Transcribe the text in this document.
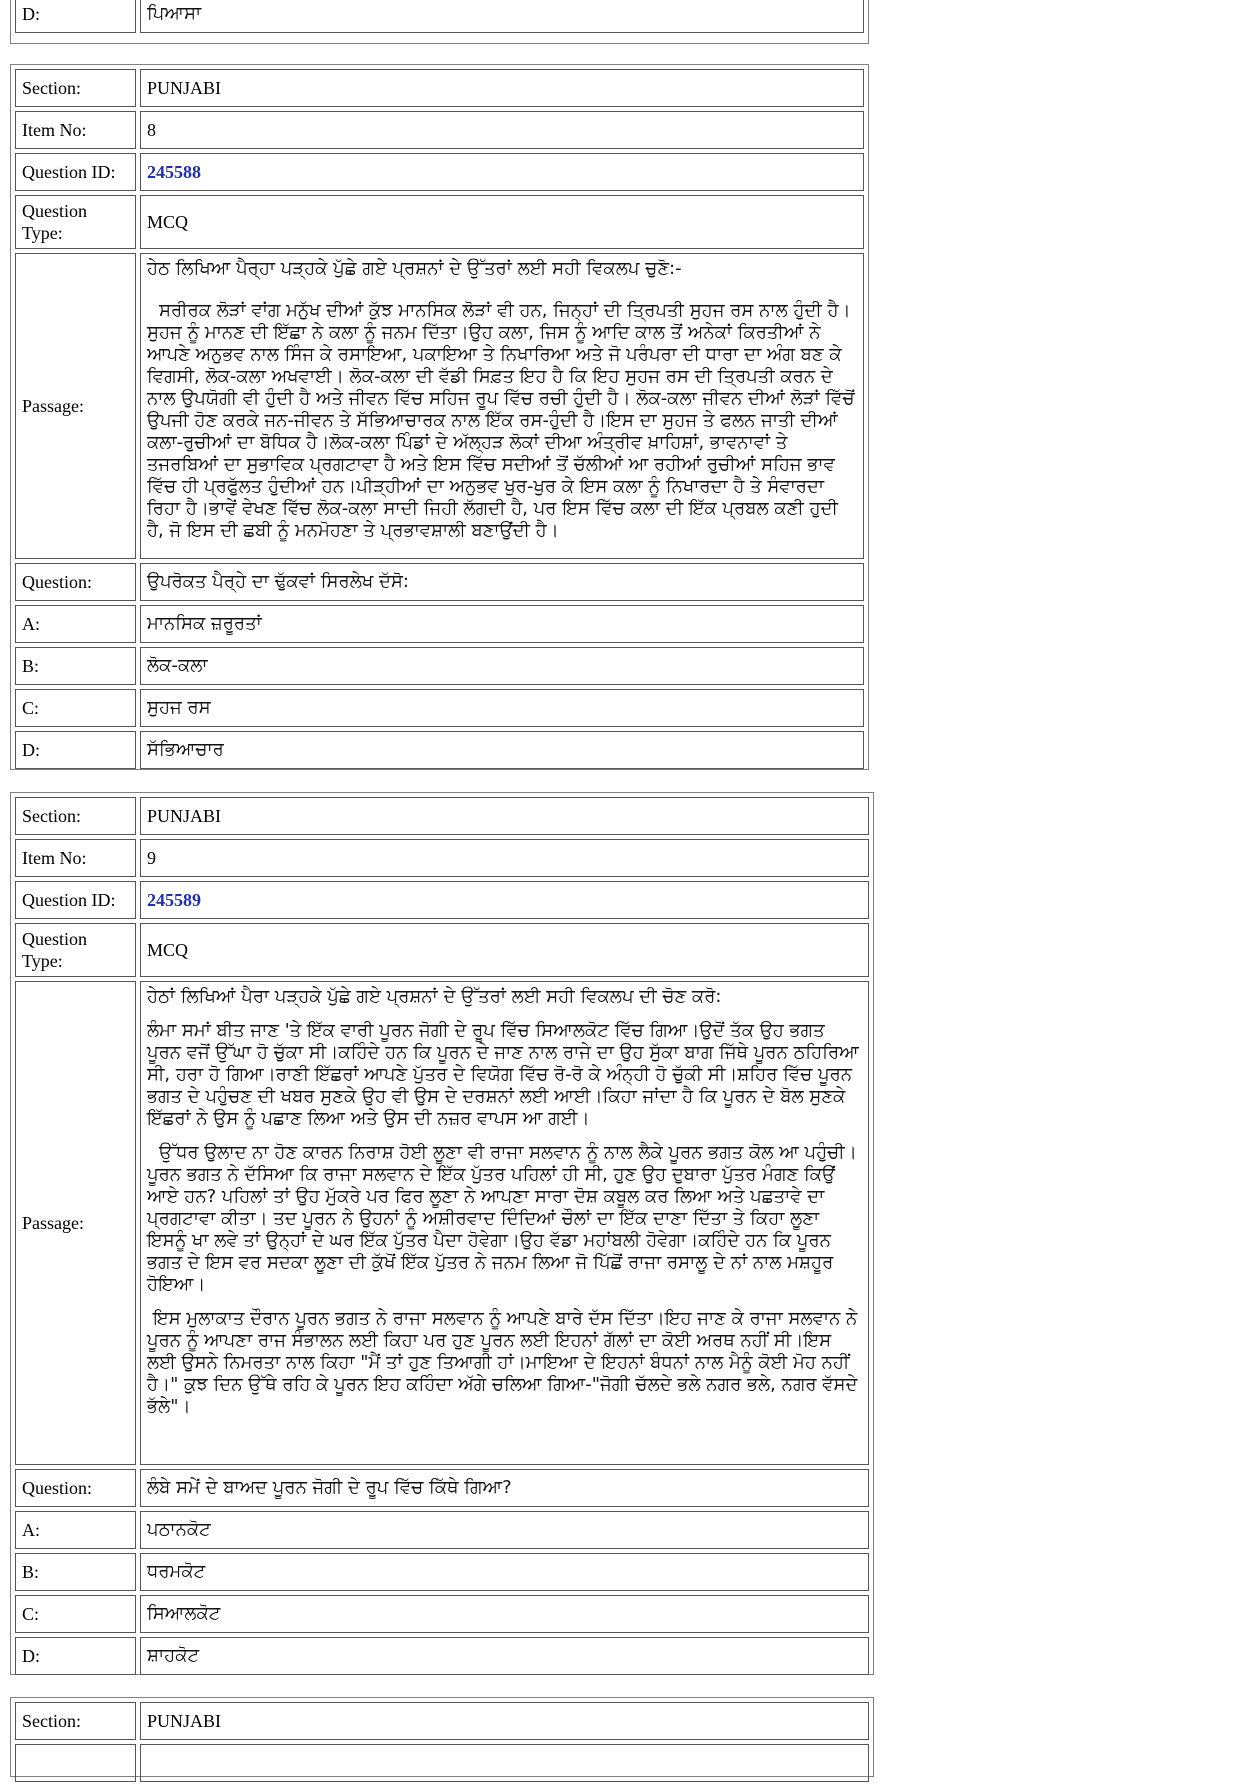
D:	ਪਿਆਸਾ
Section:	PUNJABI
Item No:	8
Question ID:	245588
Question Type:	MCQ
Passage:	ਹੇਠ ਲਿਖਿਆ ਪੈਰ੍ਹਾ ਪੜ੍ਹਕੇ ਪੁੱਛੇ ਗਏ ਪ੍ਰਸ਼ਨਾਂ ਦੇ ਉੱਤਰਾਂ ਲਈ ਸਹੀ ਵਿਕਲਪ ਚੁਣੋ:-

ਸਰੀਰਕ ਲੋੜਾਂ ਵਾਂਗ ਮਨੁੱਖ ਦੀਆਂ ਕੁੱਝ ਮਾਨਸਿਕ ਲੋੜਾਂ ਵੀ ਹਨ, ਜਿਨ੍ਹਾਂ ਦੀ ਤ੍ਰਿਪਤੀ ਸੁਹਜ ਰਸ ਨਾਲ ਹੁੰਦੀ ਹੈ।ਸੁਹਜ ਨੂੰ ਮਾਨਣ ਦੀ ਇੱਛਾ ਨੇ ਕਲਾ ਨੂੰ ਜਨਮ ਦਿੱਤਾ।ਉਹ ਕਲਾ, ਜਿਸ ਨੂੰ ਆਦਿ ਕਾਲ ਤੋਂ ਅਨੇਕਾਂ ਕਿਰਤੀਆਂ ਨੇ ਆਪਣੇ ਅਨੁਭਵ ਨਾਲ ਸਿੰਜ ਕੇ ਰਸਾਇਆ, ਪਕਾਇਆ ਤੇ ਨਿਖਾਰਿਆ ਅਤੇ ਜੋ ਪਰੰਪਰਾ ਦੀ ਧਾਰਾ ਦਾ ਅੰਗ ਬਣ ਕੇ ਵਿਗਸੀ, ਲੋਕ-ਕਲਾ ਅਖਵਾਈ। ਲੋਕ-ਕਲਾ ਦੀ ਵੱਡੀ ਸਿਫ਼ਤ ਇਹ ਹੈ ਕਿ ਇਹ ਸੁਹਜ ਰਸ ਦੀ ਤ੍ਰਿਪਤੀ ਕਰਨ ਦੇ ਨਾਲ ਉਪਯੋਗੀ ਵੀ ਹੁੰਦੀ ਹੈ ਅਤੇ ਜੀਵਨ ਵਿੱਚ ਸਹਿਜ ਰੂਪ ਵਿੱਚ ਰਚੀ ਹੁੰਦੀ ਹੈ। ਲੋਕ-ਕਲਾ ਜੀਵਨ ਦੀਆਂ ਲੋੜਾਂ ਵਿੱਚੋਂ ਉਪਜੀ ਹੋਣ ਕਰਕੇ ਜਨ-ਜੀਵਨ ਤੇ ਸੱਭਿਆਚਾਰਕ ਨਾਲ ਇੱਕ ਰਸ-ਹੁੰਦੀ ਹੈ।ਇਸ ਦਾ ਸੁਹਜ ਤੇ ਫਲਨ ਜਾਤੀ ਦੀਆਂ ਕਲਾ-ਰੁਚੀਆਂ ਦਾ ਬੋਧਿਕ ਹੈ।ਲੋਕ-ਕਲਾ ਪਿੰਡਾਂ ਦੇ ਅੱਲ੍ਹੜ ਲੋਕਾਂ ਦੀਆ ਅੰਤ੍ਰੀਵ ਖ਼ਾਹਿਸ਼ਾਂ, ਭਾਵਨਾਵਾਂ ਤੇ ਤਜਰਬਿਆਂ ਦਾ ਸੁਭਾਵਿਕ ਪ੍ਰਗਟਾਵਾ ਹੈ ਅਤੇ ਇਸ ਵਿੱਚ ਸਦੀਆਂ ਤੋਂ ਚੱਲੀਆਂ ਆ ਰਹੀਆਂ ਰੁਚੀਆਂ ਸਹਿਜ ਭਾਵ ਵਿੱਚ ਹੀ ਪ੍ਰਫੁੱਲਤ ਹੁੰਦੀਆਂ ਹਨ।ਪੀੜ੍ਹੀਆਂ ਦਾ ਅਨੁਭਵ ਖੁਰ-ਖੁਰ ਕੇ ਇਸ ਕਲਾ ਨੂੰ ਨਿਖਾਰਦਾ ਹੈ ਤੇ ਸੰਵਾਰਦਾ ਰਿਹਾ ਹੈ।ਭਾਵੇਂ ਵੇਖਣ ਵਿੱਚ ਲੋਕ-ਕਲਾ ਸਾਦੀ ਜਿਹੀ ਲੱਗਦੀ ਹੈ, ਪਰ ਇਸ ਵਿੱਚ ਕਲਾ ਦੀ ਇੱਕ ਪ੍ਰਬਲ ਕਣੀ ਹੁਦੀ ਹੈ, ਜੋ ਇਸ ਦੀ ਛਬੀ ਨੂੰ ਮਨਮੋਹਣਾ ਤੇ ਪ੍ਰਭਾਵਸ਼ਾਲੀ ਬਣਾਉਂਦੀ ਹੈ।

Question:	ਉਪਰੋਕਤ ਪੈਰ੍ਹੇ ਦਾ ਢੁੱਕਵਾਂ ਸਿਰਲੇਖ ਦੱਸੋ:
A:	ਮਾਨਸਿਕ ਜ਼ਰੂਰਤਾਂ
B:	ਲੋਕ-ਕਲਾ
C:	ਸੁਹਜ ਰਸ
D:	ਸੱਭਿਆਚਾਰ
Section:	PUNJABI
Item No:	9
Question ID:	245589
Question Type:	MCQ
Passage:	ਹੇਠਾਂ ਲਿਖਿਆਂ ਪੈਰਾ ਪੜ੍ਹਕੇ ਪੁੱਛੇ ਗਏ ਪ੍ਰਸ਼ਨਾਂ ਦੇ ਉੱਤਰਾਂ ਲਈ ਸਹੀ ਵਿਕਲਪ ਦੀ ਚੋਣ ਕਰੋ:

ਲੰਮਾ ਸਮਾਂ ਬੀਤ ਜਾਣ 'ਤੇ ਇੱਕ ਵਾਰੀ ਪੂਰਨ ਜੋਗੀ ਦੇ ਰੂਪ ਵਿੱਚ ਸਿਆਲਕੋਟ ਵਿੱਚ ਗਿਆ।ਉਦੋਂ ਤੱਕ ਉਹ ਭਗਤ ਪੂਰਨ ਵਜੋਂ ਉੱਘਾ ਹੋ ਚੁੱਕਾ ਸੀ।ਕਹਿੰਦੇ ਹਨ ਕਿ ਪੂਰਨ ਦੇ ਜਾਣ ਨਾਲ ਰਾਜੇ ਦਾ ਉਹ ਸੁੱਕਾ ਬਾਗ ਜਿੱਥੇ ਪੂਰਨ ਠਹਿਰਿਆ ਸੀ, ਹਰਾ ਹੋ ਗਿਆ।ਰਾਣੀ ਇੱਛਰਾਂ ਆਪਣੇ ਪੁੱਤਰ ਦੇ ਵਿਯੋਗ ਵਿੱਚ ਰੋ-ਰੋ ਕੇ ਅੰਨ੍ਹੀ ਹੋ ਚੁੱਕੀ ਸੀ।ਸ਼ਹਿਰ ਵਿੱਚ ਪੂਰਨ ਭਗਤ ਦੇ ਪਹੁੰਚਣ ਦੀ ਖਬਰ ਸੁਣਕੇ ਉਹ ਵੀ ਉਸ ਦੇ ਦਰਸ਼ਨਾਂ ਲਈ ਆਈ।ਕਿਹਾ ਜਾਂਦਾ ਹੈ ਕਿ ਪੂਰਨ ਦੇ ਬੋਲ ਸੁਣਕੇ ਇੱਛਰਾਂ ਨੇ ਉਸ ਨੂੰ ਪਛਾਣ ਲਿਆ ਅਤੇ ਉਸ ਦੀ ਨਜ਼ਰ ਵਾਪਸ ਆ ਗਈ।

ਉੱਧਰ ਉਲਾਦ ਨਾ ਹੋਣ ਕਾਰਨ ਨਿਰਾਸ਼ ਹੋਈ ਲੂਣਾ ਵੀ ਰਾਜਾ ਸਲਵਾਨ ਨੂੰ ਨਾਲ ਲੈਕੇ ਪੂਰਨ ਭਗਤ ਕੋਲ ਆ ਪਹੁੰਚੀ।ਪੂਰਨ ਭਗਤ ਨੇ ਦੱਸਿਆ ਕਿ ਰਾਜਾ ਸਲਵਾਨ ਦੇ ਇੱਕ ਪੁੱਤਰ ਪਹਿਲਾਂ ਹੀ ਸੀ, ਹੁਣ ਉਹ ਦੁਬਾਰਾ ਪੁੱਤਰ ਮੰਗਣ ਕਿਉਂ ਆਏ ਹਨ? ਪਹਿਲਾਂ ਤਾਂ ਉਹ ਮੁੱਕਰੇ ਪਰ ਫਿਰ ਲੂਣਾ ਨੇ ਆਪਣਾ ਸਾਰਾ ਦੋਸ਼ ਕਬੂਲ ਕਰ ਲਿਆ ਅਤੇ ਪਛਤਾਵੇ ਦਾ ਪ੍ਰਗਟਾਵਾ ਕੀਤਾ। ਤਦ ਪੂਰਨ ਨੇ ਉਹਨਾਂ ਨੂੰ ਅਸ਼ੀਰਵਾਦ ਦਿੰਦਿਆਂ ਚੌਲਾਂ ਦਾ ਇੱਕ ਦਾਣਾ ਦਿੱਤਾ ਤੇ ਕਿਹਾ ਲੂਣਾ ਇਸਨੂੰ ਖਾ ਲਵੇ ਤਾਂ ਉਨ੍ਹਾਂ ਦੇ ਘਰ ਇੱਕ ਪੁੱਤਰ ਪੈਦਾ ਹੋਵੇਗਾ।ਉਹ ਵੱਡਾ ਮਹਾਂਬਲੀ ਹੋਵੇਗਾ।ਕਹਿੰਦੇ ਹਨ ਕਿ ਪੂਰਨ ਭਗਤ ਦੇ ਇਸ ਵਰ ਸਦਕਾ ਲੂਣਾ ਦੀ ਕੁੱਖੋਂ ਇੱਕ ਪੁੱਤਰ ਨੇ ਜਨਮ ਲਿਆ ਜੋ ਪਿੱਛੋਂ ਰਾਜਾ ਰਸਾਲੂ ਦੇ ਨਾਂ ਨਾਲ ਮਸ਼ਹੂਰ ਹੋਇਆ।

ਇਸ ਮੁਲਾਕਾਤ ਦੌਰਾਨ ਪੂਰਨ ਭਗਤ ਨੇ ਰਾਜਾ ਸਲਵਾਨ ਨੂੰ ਆਪਣੇ ਬਾਰੇ ਦੱਸ ਦਿੱਤਾ।ਇਹ ਜਾਣ ਕੇ ਰਾਜਾ ਸਲਵਾਨ ਨੇ ਪੂਰਨ ਨੂੰ ਆਪਣਾ ਰਾਜ ਸੰਭਾਲਨ ਲਈ ਕਿਹਾ ਪਰ ਹੁਣ ਪੂਰਨ ਲਈ ਇਹਨਾਂ ਗੱਲਾਂ ਦਾ ਕੋਈ ਅਰਥ ਨਹੀਂ ਸੀ।ਇਸ ਲਈ ਉਸਨੇ ਨਿਮਰਤਾ ਨਾਲ ਕਿਹਾ "ਮੈਂ ਤਾਂ ਹੁਣ ਤਿਆਗੀ ਹਾਂ।ਮਾਇਆ ਦੇ ਇਹਨਾਂ ਬੰਧਨਾਂ ਨਾਲ ਮੈਨੂੰ ਕੋਈ ਮੋਹ ਨਹੀਂ ਹੈ।" ਕੁਝ ਦਿਨ ਉੱਥੇ ਰਹਿ ਕੇ ਪੂਰਨ ਇਹ ਕਹਿੰਦਾ ਅੱਗੇ ਚਲਿਆ ਗਿਆ-"ਜੋਗੀ ਚੱਲਦੇ ਭਲੇ ਨਗਰ ਭਲੇ, ਨਗਰ ਵੱਸਦੇ ਭੱਲੇ"।

Question:	ਲੰਬੇ ਸਮੇਂ ਦੇ ਬਾਅਦ ਪੂਰਨ ਜੋਗੀ ਦੇ ਰੂਪ ਵਿੱਚ ਕਿੱਥੇ ਗਿਆ?
A:	ਪਠਾਨਕੋਟ
B:	ਧਰਮਕੋਟ
C:	ਸਿਆਲਕੋਟ
D:	ਸ਼ਾਹਕੋਟ
Section:	PUNJABI
